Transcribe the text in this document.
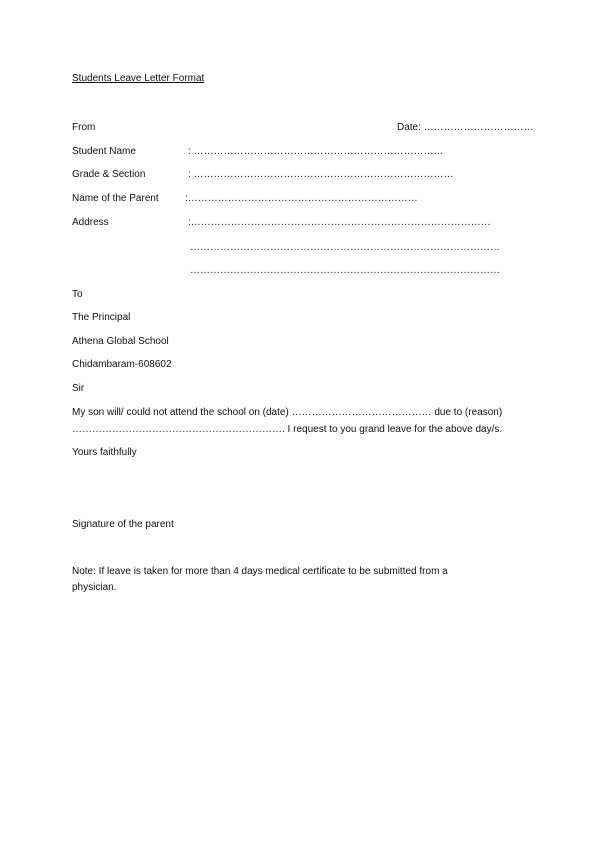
Students Leave Letter Format
From	Date: ……………………………
Student Name	: …………………………………………………………………
Grade & Section	: ……………………………………………………………………
Name of the Parent	:……………………………………………………………
Address	:………………………………………………………………………………
…………………………………………………………………………………
…………………………………………………………………………………
To
The Principal
Athena Global School
Chidambaram-608602
Sir
My son will/ could not attend the school on (date) …………………………………… due to (reason)
………………………………………………………. I request to you grand leave for the above day/s.
Yours faithfully
Signature of the parent
Note: If leave is taken for more than 4 days medical certificate to be submitted from a
physician.
